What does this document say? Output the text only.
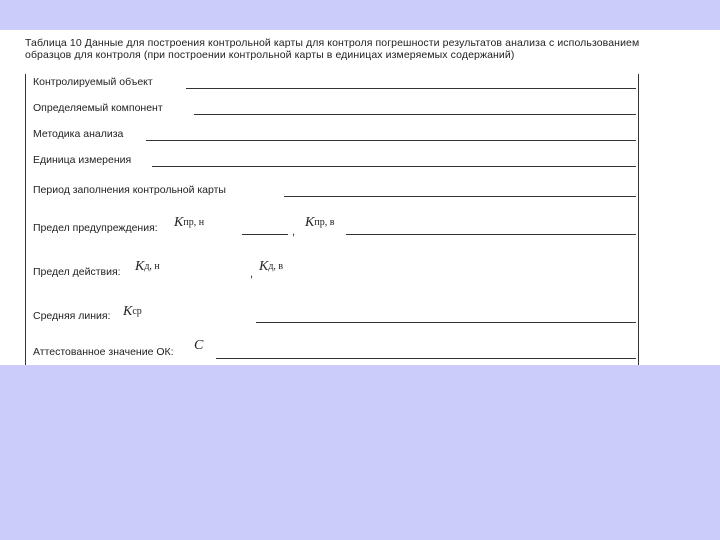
Таблица 10 Данные для построения контрольной карты для контроля погрешности результатов анализа с использованием
образцов для контроля (при построении контрольной карты в единицах измеряемых содержаний)
Контролируемый объект
Определяемый компонент
Методика анализа
Единица измерения
Период заполнения контрольной карты
Предел предупреждения: $K_{пр, н}$
,
$K_{пр, в}$
Предел действия: $K_{д, н}$
, $K_{д, в}$
Средняя линия: $K_{ср}$
Аттестованное значение ОК: C
